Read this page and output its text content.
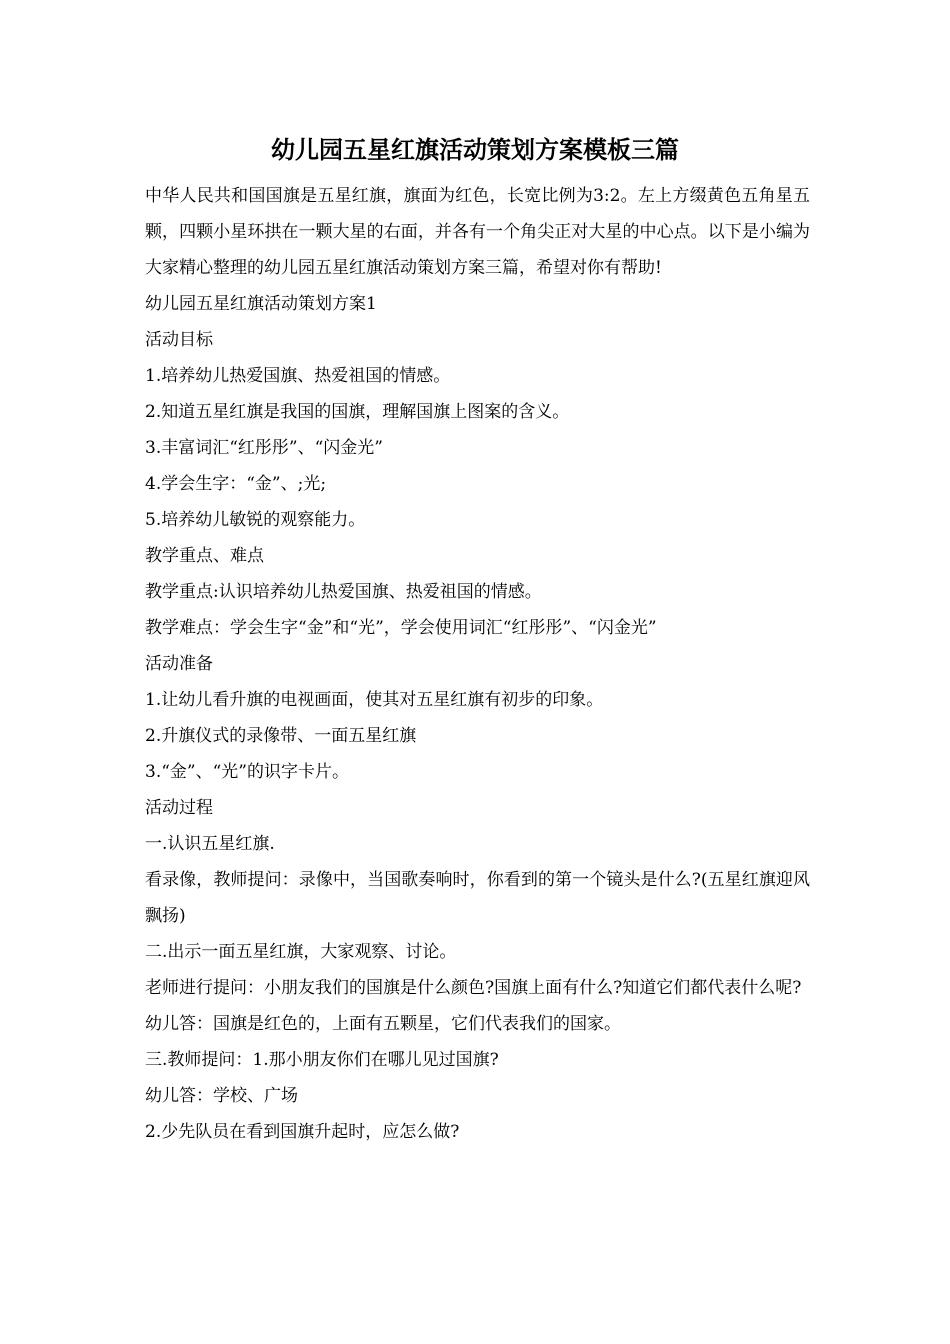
幼儿园五星红旗活动策划方案模板三篇

中华人民共和国国旗是五星红旗，旗面为红色，长宽比例为3:2。左上方缀黄色五角星五颗，四颗小星环拱在一颗大星的右面，并各有一个角尖正对大星的中心点。以下是小编为大家精心整理的幼儿园五星红旗活动策划方案三篇，希望对你有帮助!

幼儿园五星红旗活动策划方案1

活动目标

1.培养幼儿热爱国旗、热爱祖国的情感。

2.知道五星红旗是我国的国旗，理解国旗上图案的含义。

3.丰富词汇“红彤彤”、“闪金光”

4.学会生字：“金”、;光;

5.培养幼儿敏锐的观察能力。

教学重点、难点

教学重点:认识培养幼儿热爱国旗、热爱祖国的情感。

教学难点：学会生字“金”和“光”，学会使用词汇“红彤彤”、“闪金光”

活动准备

1.让幼儿看升旗的电视画面，使其对五星红旗有初步的印象。

2.升旗仪式的录像带、一面五星红旗

3.“金”、“光”的识字卡片。

活动过程

一.认识五星红旗.

看录像，教师提问：录像中，当国歌奏响时，你看到的第一个镜头是什么?(五星红旗迎风飘扬)

二.出示一面五星红旗，大家观察、讨论。

老师进行提问：小朋友我们的国旗是什么颜色?国旗上面有什么?知道它们都代表什么呢?

幼儿答：国旗是红色的，上面有五颗星，它们代表我们的国家。

三.教师提问：1.那小朋友你们在哪儿见过国旗?

幼儿答：学校、广场

2.少先队员在看到国旗升起时，应怎么做?
